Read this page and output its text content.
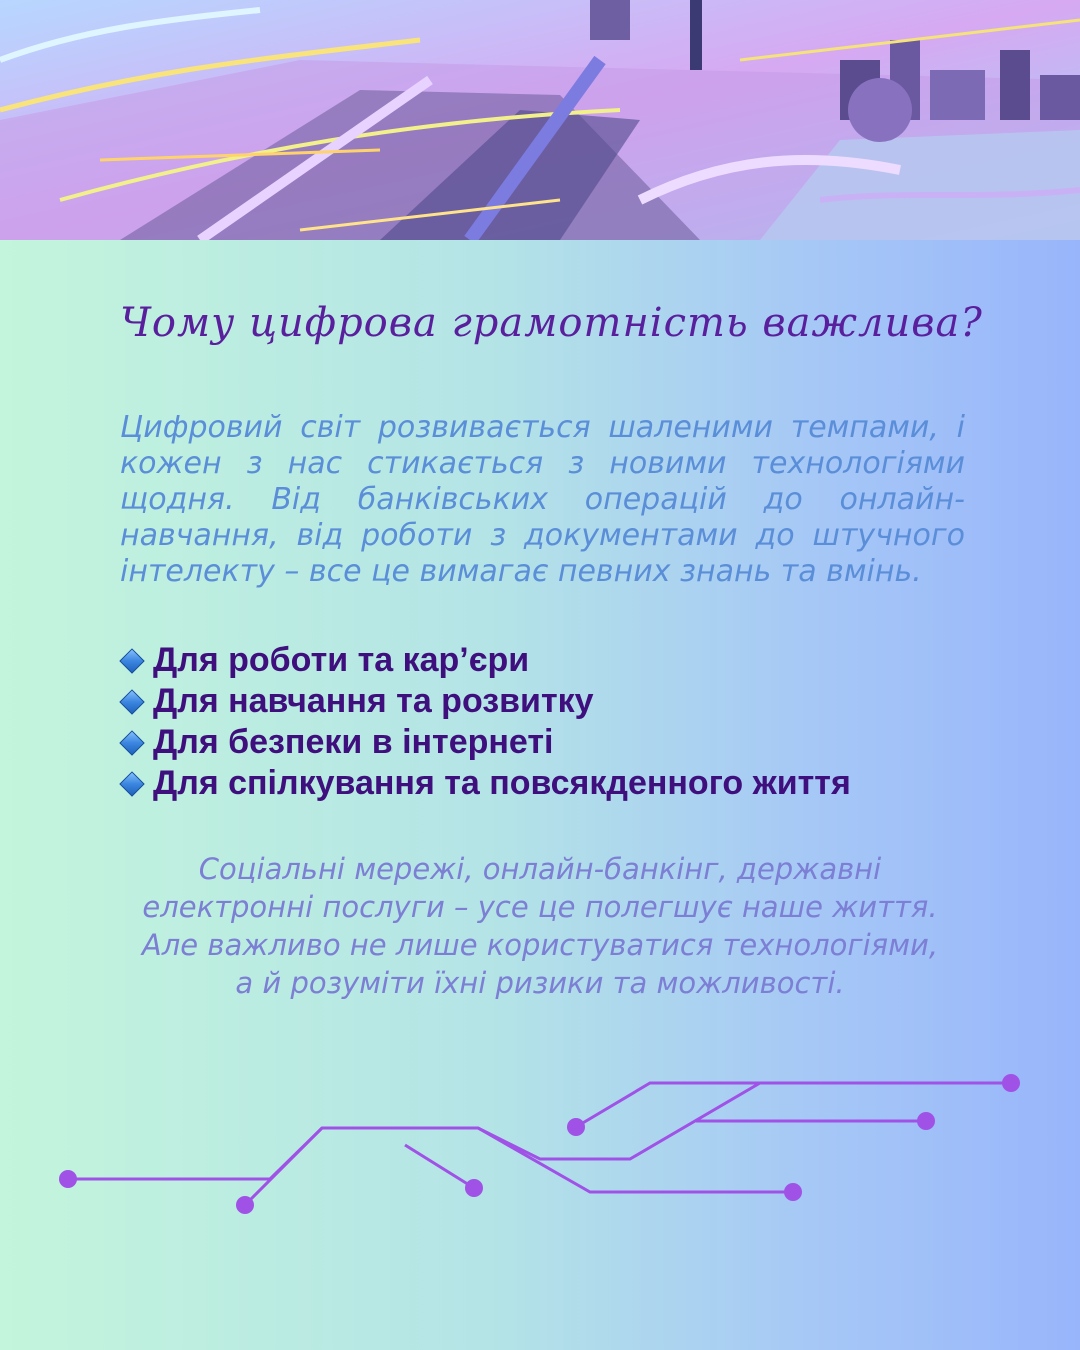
Чому цифрова грамотність важлива?

Цифровий світ розвивається шаленими темпами, і кожен з нас стикається з новими технологіями щодня. Від банківських операцій до онлайн-навчання, від роботи з документами до штучного інтелекту – все це вимагає певних знань та вмінь.

Для роботи та кар’єри
Для навчання та розвитку
Для безпеки в інтернеті
Для спілкування та повсякденного життя

Соціальні мережі, онлайн-банкінг, державні електронні послуги – усе це полегшує наше життя. Але важливо не лише користуватися технологіями, а й розуміти їхні ризики та можливості.
